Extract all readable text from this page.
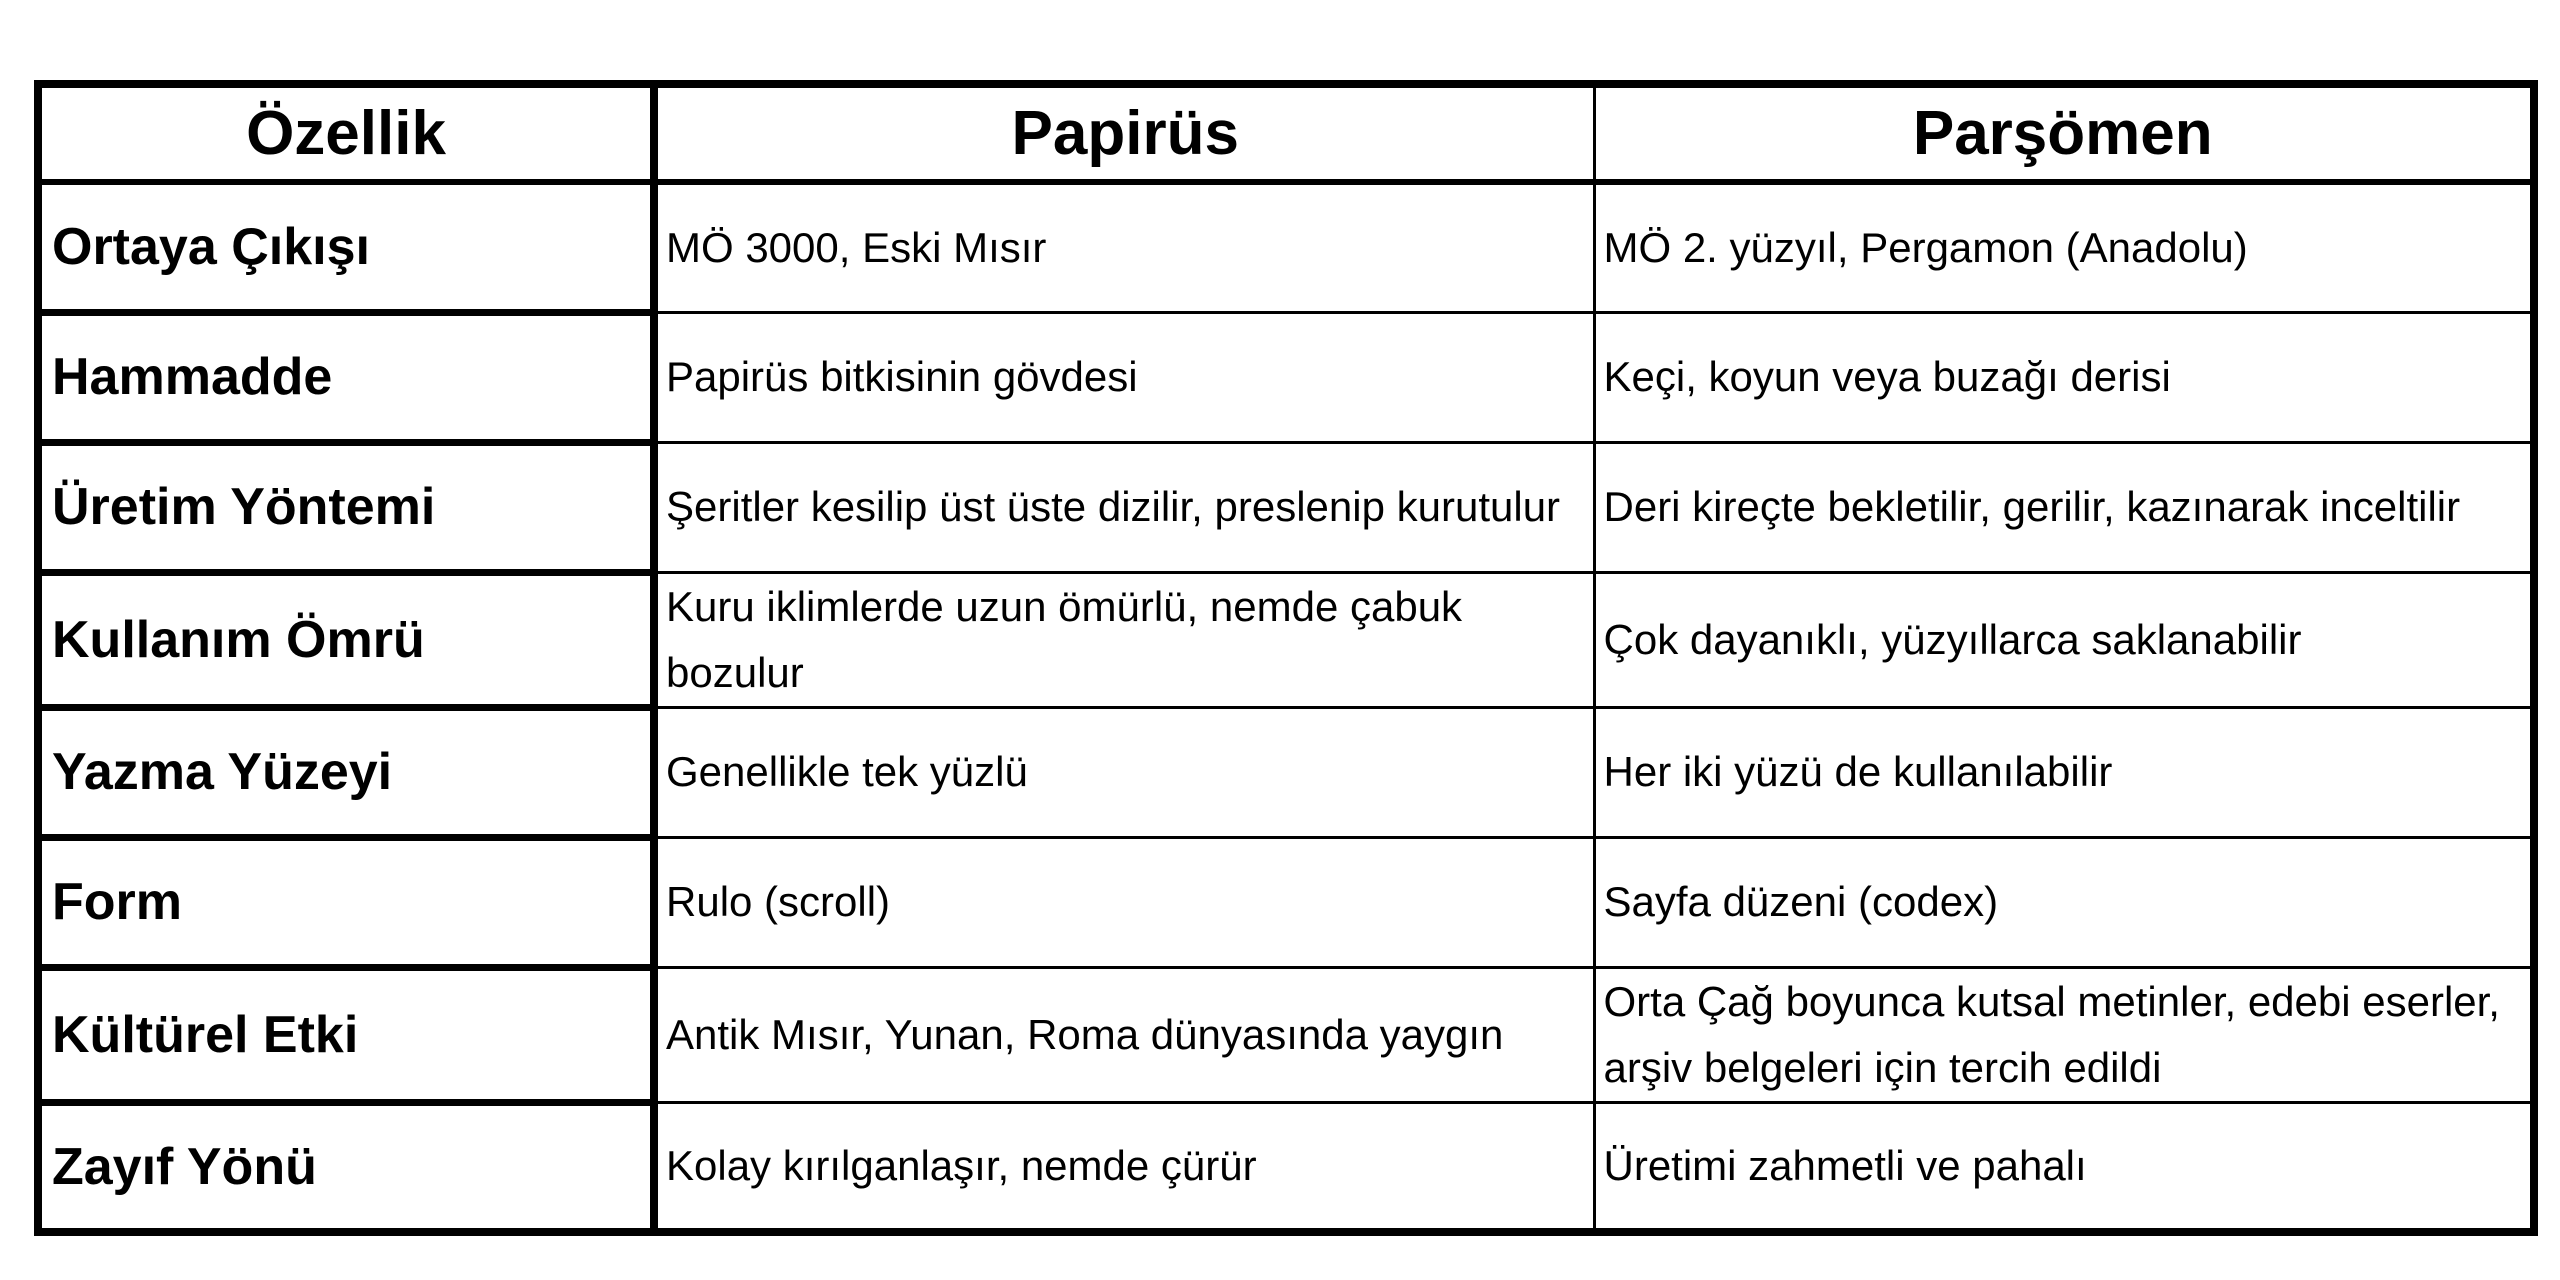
Özellik	Papirüs	Parşömen
Ortaya Çıkışı	MÖ 3000, Eski Mısır	MÖ 2. yüzyıl, Pergamon (Anadolu)
Hammadde	Papirüs bitkisinin gövdesi	Keçi, koyun veya buzağı derisi
Üretim Yöntemi	Şeritler kesilip üst üste dizilir, preslenip kurutulur	Deri kireçte bekletilir, gerilir, kazınarak inceltilir
Kullanım Ömrü	Kuru iklimlerde uzun ömürlü, nemde çabuk bozulur	Çok dayanıklı, yüzyıllarca saklanabilir
Yazma Yüzeyi	Genellikle tek yüzlü	Her iki yüzü de kullanılabilir
Form	Rulo (scroll)	Sayfa düzeni (codex)
Kültürel Etki	Antik Mısır, Yunan, Roma dünyasında yaygın	Orta Çağ boyunca kutsal metinler, edebi eserler, arşiv belgeleri için tercih edildi
Zayıf Yönü	Kolay kırılganlaşır, nemde çürür	Üretimi zahmetli ve pahalı
